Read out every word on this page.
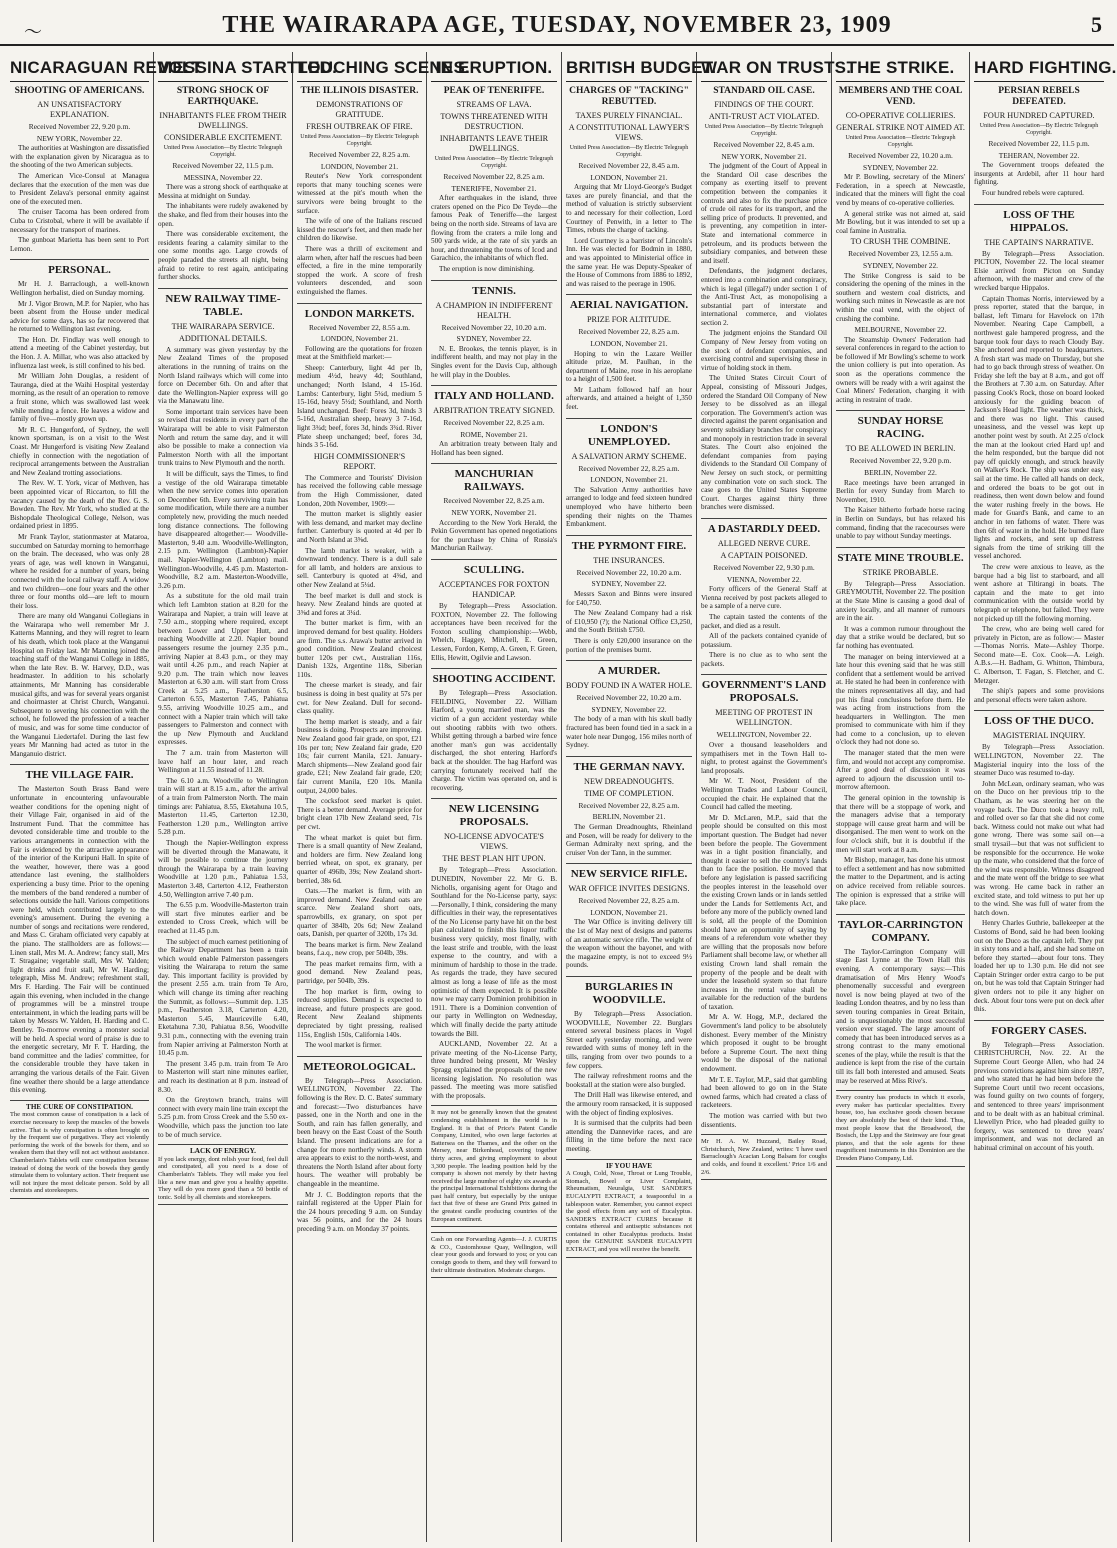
〜	THE WAIRARAPA AGE, TUESDAY, NOVEMBER 23, 1909	5
NICARAGUAN REVOLT
SHOOTING OF AMERICANS.
AN UNSATISFACTORY EXPLANATION.
Received November 22, 9.20 p.m.
NEW YORK, November 22.

The authorities at Washington are dissatisfied with the explanation given by Nicaragua as to the shooting of the two American subjects.

The American Vice-Consul at Managua declares that the execution of the men was due to President Zelava's personal enmity against one of the executed men.

The cruiser Tacoma has been ordered from Cuba to Cristobal, where it will be available if necessary for the transport of marines.

The gunboat Marietta has been sent to Port Lemon.

PERSONAL.

Mr H. J. Barraclough, a well-known Wellington herbalist, died on Sunday morning.

Mr J. Vigor Brown, M.P. for Napier, who has been absent from the House under medical advice for some days, has so far recovered that he returned to Wellington last evening.

The Hon. Dr. Findlay was well enough to attend a meeting of the Cabinet yesterday, but the Hon. J. A. Millar, who was also attacked by influenza last week, is still confined to his bed.

Mr William John Douglas, a resident of Tauranga, died at the Waihi Hospital yesterday morning, as the result of an operation to remove a fruit stone, which was swallowed last week while mending a fence. He leaves a widow and family of five—mostly grown up.

Mr R. C. Hungerford, of Sydney, the well known sportsman, is on a visit to the West Coast. Mr Hungerford is visiting New Zealand chiefly in connection with the negotiation of reciprocal arrangements between the Australian and New Zealand trotting associations.

The Rev. W. T. York, vicar of Methven, has been appointed vicar of Riccarton, to fill the vacancy caused by the death of the Rev. G. S. Bowden. The Rev. Mr York, who studied at the Bishopdale Theological College, Nelson, was ordained priest in 1895.

Mr Frank Taylor, stationmaster at Mataroa, succumbed on Saturday morning to hemorrhage on the brain. The deceased, who was only 28 years of age, was well known in Wanganui, where he resided for a number of years, being connected with the local railway staff. A widow and two children—one four years and the other three or four months old—are left to mourn their loss.

There are many old Wanganui Collegians in the Wairarapa who well remember Mr J. Katterns Manning, and they will regret to learn of his death, which took place at the Wanganui Hospital on Friday last. Mr Manning joined the teaching staff of the Wanganui College in 1885, when the late Rev. B. W. Harvey, D.D., was headmaster. In addition to his scholarly attainments, Mr Manning has considerable musical gifts, and was for several years organist and choirmaster at Christ Church, Wanganui. Subsequent to severing his connection with the school, he followed the profession of a teacher of music, and was for some time conductor of the Wanganui Liedertafel. During the last few years Mr Manning had acted as tutor in the Manganuio district.

THE VILLAGE FAIR.

The Masterton South Brass Band were unfortunate in encountering unfavourable weather conditions for the opening night of their Village Fair, organised in aid of the Instrument Fund. That the committee has devoted considerable time and trouble to the various arrangements in connection with the Fair is evidenced by the attractive appearance of the interior of the Kuripuni Hall. In spite of the weather, however, there was a good attendance last evening, the stallholders experiencing a busy time. Prior to the opening the members of the band rendered a number of selections outside the hall. Various competitions were held, which contributed largely to the evening's amusement. During the evening a number of songs and recitations were rendered, and Mass C. Graham officiated very capably at the piano. The stallholders are as follows:— Linen stall, Mrs M. A. Andrew; fancy stall, Mrs T. Stragaine; vegetable stall, Mrs W. Yalden; light drinks and fruit stall, Mr W. Harding; telegraph, Miss M. Andrew; refreshment stall, Mrs F. Harding. The Fair will be continued again this evening, when included in the change of programmes will be a minstrel troupe entertainment, in which the leading parts will be taken by Messrs W. Yalden, H. Harding and C. Bentley. To-morrow evening a monster social will be held. A special word of praise is due to the energetic secretary, Mr F. T. Harding, the band committee and the ladies' committee, for the considerable trouble they have taken in arranging the various details of the Fair. Given fine weather there should be a large attendance this evening.

THE CURE OF CONSTIPATION.
The most common cause of constipation is a lack of exercise necessary to keep the muscles of the bowels active. That is why constipation is often brought on by the frequent use of purgatives. They act violently performing the work of the bowels for them, and so weaken them that they will not act without assistance. Chamberlain's Tablets will cure constipation because instead of doing the work of the bowels they gently stimulate them to voluntary action. Their frequent use will not injure the most delicate person. Sold by all chemists and storekeepers.
MESSINA STARTLED.
STRONG SHOCK OF EARTHQUAKE.
INHABITANTS FLEE FROM THEIR DWELLINGS.
CONSIDERABLE EXCITEMENT.
United Press Association—By Electric Telegraph Copyright.
Received November 22, 11.5 p.m.
MESSINA, November 22.

There was a strong shock of earthquake at Messina at midnight on Sunday.

The inhabitants were rudely awakened by the shake, and fled from their houses into the open.

There was considerable excitement, the residents fearing a calamity similar to the one some months ago. Large crowds of people paraded the streets all night, being afraid to retire to rest again, anticipating further shocks.

NEW RAILWAY TIME-TABLE.
THE WAIRARAPA SERVICE.
ADDITIONAL DETAILS.

A summary was given yesterday by the New Zealand Times of the proposed alterations in the running of trains on the North Island railways which will come into force on December 6th. On and after that date the Wellington-Napier express will go via the Manawatu line.

Some important train services have been so revised that residents in every part of the Wairarapa will be able to visit Palmerston North and return the same day, and it will also be possible to make a connection via Palmerston North with all the important trunk trains to New Plymouth and the north.

It will be difficult, says the Times, to find a vestige of the old Wairarapa timetable when the new service comes into operation on December 6th. Every surviving train has some modification, while there are a number completely new, providing the much needed long distance connections. The following have disappeared altogether:— Woodville-Masterton, 9.40 a.m. Woodville-Wellington, 2.15 p.m. Wellington (Lambton)-Napier mail. Napier-Wellington (Lambton) mail. Wellington-Woodville, 4.45 p.m. Masterton-Woodville, 8.2 a.m. Masterton-Woodville, 3.26 p.m.

As a substitute for the old mail train which left Lambton station at 8.20 for the Wairarapa and Napier, a train will leave at 7.50 a.m., stopping where required, except between Lower and Upper Hutt, and reaching Woodville at 2.20. Napier bound passengers resume the journey 2.35 p.m., arriving Napier at 8.43 p.m., or they may wait until 4.26 p.m., and reach Napier at 9.20 p.m. The train which now leaves Masterton at 6.30 a.m. will start from Cross Creek at 5.25 a.m., Featherston 6.5, Carterton 6.55, Masterton 7.45, Pahiatua 9.55, arriving Woodville 10.25 a.m., and connect with a Napier train which will take passengers to Palmerston and connect with the up New Plymouth and Auckland expresses.

The 7 a.m. train from Masterton will leave half an hour later, and reach Wellington at 11.55 instead of 11.28.

The 6.10 a.m. Woodville to Wellington train will start at 8.15 a.m., after the arrival of a train from Palmerston North. The main timings are: Pahiatua, 8.55, Eketahuna 10.5, Masterton 11.45, Carterton 12.30, Featherston 1.20 p.m., Wellington arrive 5.28 p.m.

Though the Napier-Wellington express will be diverted through the Manawatu, it will be possible to continue the journey through the Wairarapa by a train leaving Woodville at 1.20 p.m., Pahiatua 1.53, Masterton 3.48, Carterton 4.12, Featherston 4.50, Wellington arrive 7.40 p.m.

The 6.55 p.m. Woodville-Masterton train will start five minutes earlier and be extended to Cross Creek, which will be reached at 11.45 p.m.

The subject of much earnest petitioning of the Railway Department has been a train which would enable Palmerston passengers visiting the Wairarapa to return the same day. This important facility is provided by the present 2.55 a.m. train from Te Aro, which will change its timing after reaching the Summit, as follows:—Summit dep. 1.35 p.m., Featherston 3.18, Carterton 4.20, Masterton 5.45, Mauriceville 6.40, Eketahuna 7.30, Pahiatua 8.56, Woodville 9.31 p.m., connecting with the evening train from Napier arriving at Palmerston North at 10.45 p.m.

The present 3.45 p.m. train from Te Aro to Masterton will start nine minutes earlier, and reach its destination at 8 p.m. instead of 8.30.

On the Greytown branch, trains will connect with every main line train except the 5.25 p.m. from Cross Creek and the 5.50 ex-Woodville, which pass the junction too late to be of much service.

LACK OF ENERGY.
If you lack energy, dont relish your food, feel dull and constipated, all you need is a dose of Chamberlain's Tablets. They will make you feel like a new man and give you a healthy appetite. They will do you more good than a 50 bottle of tonic. Sold by all chemists and storekeepers.
TOUCHING SCENES.
THE ILLINOIS DISASTER.
DEMONSTRATIONS OF GRATITUDE.
FRESH OUTBREAK OF FIRE.
United Press Association—By Electric Telegraph Copyright.
Received November 22, 8.25 a.m.
LONDON, November 21.

Reuter's New York correspondent reports that many touching scenes were witnessed at the pit's mouth when the survivors were being brought to the surface.

The wife of one of the Italians rescued kissed the rescuer's feet, and then made her children do likewise.

There was a thrill of excitement and alarm when, after half the rescues had been effected, a fire in the mine temporarily stopped the work. A score of fresh volunteers descended, and soon extinguished the flames.

LONDON MARKETS.
Received November 22, 8.55 a.m.
LONDON, November 21.

Following are the quotations for frozen meat at the Smithfield market:—

Sheep: Canterbury, light 4d per lb, medium 4½d, heavy 4d; Southland, unchanged; North Island, 4 15-16d. Lambs: Canterbury, light 5¾d, medium 5 15-16d, heavy 5½d; Southland, and North Island unchanged. Beef: Fores 3d, hinds 3 5-16d, Australian sheep, heavy 3 7-16d, light 3¾d; beef, fores 3d, hinds 3¾d. River Plate sheep unchanged; beef, fores 3d, hinds 3 5-16d.

HIGH COMMISSIONER'S REPORT.

The Commerce and Tourists' Division has received the following cable message from the High Commissioner, dated London, 20th November, 1909:—

The mutton market is slightly easier with less demand, and market may decline further. Canterbury is quoted at 4d per lb and North Island at 3⅝d.

The lamb market is weaker, with a downward tendency. There is a dull sale for all lamb, and holders are anxious to sell. Canterbury is quoted at 4⅜d, and other New Zealand at 5¼d.

The beef market is dull and stock is heavy. New Zealand hinds are quoted at 3⅝d and fores at 3¼d.

The butter market is firm, with an improved demand for best quality. Holders are firm. The s.s. Arawa's butter arrived in good condition. New Zealand choicest butter 120s per cwt., Australian 116s, Danish 132s, Argentine 118s, Siberian 110s.

The cheese market is steady, and fair business is doing in best quality at 57s per cwt. for New Zealand. Dull for second-class quality.

The hemp market is steady, and a fair business is doing. Prospects are improving. New Zealand good fair grade, on spot, £21 10s per ton; New Zealand fair grade, £20 10s; fair current Manila, £21. January-March shipments—New Zealand good fair grade, £21; New Zealand fair grade, £20; fair current Manila, £20 10s. Manila output, 24,000 bales.

The cocksfoot seed market is quiet. There is a better demand. Average price for bright clean 17lb New Zealand seed, 71s per cwt.

The wheat market is quiet but firm. There is a small quantity of New Zealand, and holders are firm. New Zealand long berried wheat, on spot, ex granary, per quarter of 496lb, 39s; New Zealand short-berried, 38s 6d.

Oats.—The market is firm, with an improved demand. New Zealand oats are scarce. New Zealand short oats, sparrowbills, ex granary, on spot per quarter of 384lb, 20s 6d; New Zealand oats, Danish, per quarter of 320lb, 17s 3d.

The beans market is firm. New Zealand beans, f.a.q., new crop, per 504lb, 39s.

The peas market remains firm, with a good demand. New Zealand peas, partridge, per 504lb, 39s.

The hop market is firm, owing to reduced supplies. Demand is expected to increase, and future prospects are good. Recent New Zealand shipments depreciated by tight pressing, realised 115s, English 150s, California 140s.

The wool market is firmer.

METEOROLOGICAL.

By Telegraph—Press Association. WELLINGTON, November 22. The following is the Rev. D. C. Bates' summary and forecast:—Two disturbances have passed, one in the North and one in the South, and rain has fallen generally, and been heavy on the East Coast of the South Island. The present indications are for a change for more northerly winds. A storm area appears to exist to the north-west, and threatens the North Island after about forty hours. The weather will probably be changeable in the meantime.

Mr J. C. Boddington reports that the rainfall registered at the Upper Plain for the 24 hours preceding 9 a.m. on Sunday was 56 points, and for the 24 hours preceding 9 a.m. on Monday 37 points.

IN ERUPTION.
PEAK OF TENERIFFE.
STREAMS OF LAVA.
TOWNS THREATENED WITH DESTRUCTION.
INHABITANTS LEAVE THEIR DWELLINGS.
United Press Association—By Electric Telegraph Copyright.
Received November 22, 8.25 a.m.
TENERIFFE, November 21.

After earthquakes in the island, three craters opened on the Pico De Teyde—the famous Peak of Teneriffe—the largest being on the north side. Streams of lava are flowing from the craters a mile long and 500 yards wide, at the rate of six yards an hour, and threatening the towns of Icod and Garachico, the inhabitants of which fled.

The eruption is now diminishing.

TENNIS.
A CHAMPION IN INDIFFERENT HEALTH.
Received November 22, 10.20 a.m.
SYDNEY, November 22.

N. E. Brookes, the tennis player, is in indifferent health, and may not play in the Singles event for the Davis Cup, although he will play in the Doubles.

ITALY AND HOLLAND.
ARBITRATION TREATY SIGNED.
Received November 22, 8.25 a.m.
ROME, November 21.

An arbitration treaty between Italy and Holland has been signed.

MANCHURIAN RAILWAYS.
Received November 22, 8.25 a.m.
NEW YORK, November 21.

According to the New York Herald, the Pekin Government has opened negotiations for the purchase by China of Russia's Manchurian Railway.

SCULLING.
ACCEPTANCES FOR FOXTON HANDICAP.

By Telegraph—Press Association. FOXTON, November 22. The following acceptances have been received for the Foxton sculling championship:—Webb, Whelch, Haggey, Mitchell, E. Green, Lessen, Fordon, Kemp, A. Green, F. Green, Ellis, Hewitt, Ogilvie and Lawson.

SHOOTING ACCIDENT.

By Telegraph—Press Association. FEILDING, November 22. William Harford, a young married man, was the victim of a gun accident yesterday while out shooting rabbits with two others. Whilst getting through a barbed wire fence another man's gun was accidentally discharged, the shot entering Harford's back at the shoulder. The hag Harford was carrying fortunately received half the charge. The victim was operated on, and is recovering.

NEW LICENSING PROPOSALS.
NO-LICENSE ADVOCATE'S VIEWS.
THE BEST PLAN HIT UPON.

By Telegraph—Press Association. DUNEDIN, November 22. Mr G. B. Nicholls, organising agent for Otago and Southland for the No-License party, says:—Personally, I think, considering the many difficulties in their way, the representatives of the No License party have hit on the best plan calculated to finish this liquor traffic business very quickly, most finally, with the least strife and trouble, with the least expense to the country, and with a minimum of hardship to those in the trade. As regards the trade, they have secured almost as long a lease of life as the most optimistic of them expected. It is possible now we may carry Dominion prohibition in 1911. There is a Dominion convention of our party in Wellington on Wednesday, which will finally decide the party attitude towards the Bill.

AUCKLAND, November 22. At a private meeting of the No-License Party, three hundred being present, Mr Wesley Spragg explained the proposals of the new licensing legislation. No resolution was passed. The meeting was more satisfied with the proposals.

It may not be generally known that the greatest condensing establishment in the world is in England. It is that of Price's Patent Candle Company, Limited, who own large factories at Battersea on the Thames, and the other on the Mersey, near Birkenhead, covering together thirty acres, and giving employment to about 3,300 people. The leading position held by the company is shown not merely by their having received the large number of eighty six awards at the principal International Exhibitions during the past half century, but especially by the unique fact that five of these are Grand Prix gained in the greatest candle producing countries of the European continent.
Cash on one Forwarding Agents—J. J. CURTIS & CO., Customhouse Quay, Wellington, will clear your goods and forward to you; or you can consign goods to them, and they will forward to their ultimate destination. Moderate charges.
BRITISH BUDGET.
CHARGES OF "TACKING" REBUTTED.
TAXES PURELY FINANCIAL.
A CONSTITUTIONAL LAWYER'S VIEWS.
United Press Association—By Electric Telegraph Copyright.
Received November 22, 8.45 a.m.
LONDON, November 21.

Arguing that Mr Lloyd-George's Budget taxes are purely financial, and that the method of valuation is strictly subservient to and necessary for their collection, Lord Courtney of Penwith, in a letter to The Times, rebuts the charge of tacking.

Lord Courtney is a barrister of Lincoln's Inn. He was elected for Bodmin in 1880, and was appointed to Ministerial office in the same year. He was Deputy-Speaker of the House of Commons from 1886 to 1892, and was raised to the peerage in 1906.

AERIAL NAVIGATION.
PRIZE FOR ALTITUDE.
Received November 22, 8.25 a.m.
LONDON, November 21.

Hoping to win the Lazare Weiller altitude prize, M. Paulhan, in the department of Maine, rose in his aeroplane to a height of 1,500 feet.

Mr Latham followed half an hour afterwards, and attained a height of 1,350 feet.

LONDON'S UNEMPLOYED.
A SALVATION ARMY SCHEME.
Received November 22, 8.25 a.m.
LONDON, November 21.

The Salvation Army authorities have arranged to lodge and feed sixteen hundred unemployed who have hitherto been spending their nights on the Thames Embankment.

THE PYRMONT FIRE.
THE INSURANCES.
Received November 22, 10.20 a.m.
SYDNEY, November 22.

Messrs Saxon and Binns were insured for £40,750.

The New Zealand Company had a risk of £10,950 (?); the National Office £3,250, and the South British £750.

There is only £20,000 insurance on the portion of the premises burnt.

A MURDER.
BODY FOUND IN A WATER HOLE.
Received November 22, 10.20 a.m.
SYDNEY, November 22.

The body of a man with his skull badly fractured has been found tied in a sack in a water hole near Dungog, 156 miles north of Sydney.

THE GERMAN NAVY.
NEW DREADNOUGHTS.
TIME OF COMPLETION.
Received November 22, 8.25 a.m.
BERLIN, November 21.

The German Dreadnoughts, Rheinland and Posen, will be ready for delivery to the German Admiralty next spring, and the cruiser Von der Tann, in the summer.

NEW SERVICE RIFLE.
WAR OFFICE INVITES DESIGNS.
Received November 22, 8.25 a.m.
LONDON, November 21.

The War Office is inviting delivery till the 1st of May next of designs and patterns of an automatic service rifle. The weight of the weapon without the bayonet, and with the magazine empty, is not to exceed 9½ pounds.

BURGLARIES IN WOODVILLE.

By Telegraph—Press Association. WOODVILLE, November 22. Burglars entered several business places in Vogel Street early yesterday morning, and were rewarded with sums of money left in the tills, ranging from over two pounds to a few coppers.

The railway refreshment rooms and the bookstall at the station were also burgled.

The Drill Hall was likewise entered, and the armoury room ransacked, it is supposed with the object of finding explosives.

It is surmised that the culprits had been attending the Dannevirke races, and are filling in the time before the next race meeting.

IF YOU HAVE
A Cough, Cold, Nose, Throat or Lung Trouble, Stomach, Bowel or Liver Complaint, Rheumatism, Neuralgia, USE SANDER'S EUCALYPTI EXTRACT, a teaspoonful in a tablespoon water. Remember, you cannot expect the good effects from any sort of Eucalyptus. SANDER'S EXTRACT CURES because it contains ethereal and antiseptic substances not contained in other Eucalyptus products. Insist upon the GENUINE SANDER EUCALYPTI EXTRACT, and you will receive the benefit.
WAR ON TRUSTS.
STANDARD OIL CASE.
FINDINGS OF THE COURT.
ANTI-TRUST ACT VIOLATED.
United Press Association—By Electric Telegraph Copyright.
Received November 22, 8.45 a.m.
NEW YORK, November 21.

The judgment of the Court of Appeal in the Standard Oil case describes the company as exerting itself to prevent competition between the companies it controls and also to fix the purchase price of crude oil rates for its transport, and the selling price of products. It prevented, and is preventing, any competition in inter-State and international commerce in petroleum, and its products between the subsidiary companies, and between these and itself.

Defendants, the judgment declares, entered into a combination and conspiracy, which is legal (illegal?) under section 1 of the Anti-Trust Act, as monopolising a substantial part of interstate and international commerce, and violates section 2.

The judgment enjoins the Standard Oil Company of New Jersey from voting on the stock of defendant companies, and exercising control and supervising these in virtue of holding stock in them.

The United States Circuit Court of Appeal, consisting of Missouri Judges, ordered the Standard Oil Company of New Jersey to be dissolved as an illegal corporation. The Government's action was directed against the parent organisation and seventy subsidiary branches for conspiracy and monopoly in restriction trade in several States. The Court also enjoined the defendant companies from paying dividends to the Standard Oil Company of New Jersey on such stock, or permitting any combination vote on such stock. The case goes to the United States Supreme Court. Charges against thirty three branches were dismissed.

A DASTARDLY DEED.
ALLEGED NERVE CURE.
A CAPTAIN POISONED.
Received November 22, 9.30 p.m.
VIENNA, November 22.

Forty officers of the General Staff at Vienna received by post packets alleged to be a sample of a nerve cure.

The captain tasted the contents of the packet, and died as a result.

All of the packets contained cyanide of potassium.

There is no clue as to who sent the packets.

GOVERNMENT'S LAND PROPOSALS.
MEETING OF PROTEST IN WELLINGTON.
WELLINGTON, November 22.

Over a thousand leaseholders and sympathisers met in the Town Hall to-night, to protest against the Government's land proposals.

Mr W. T. Noot, President of the Wellington Trades and Labour Council, occupied the chair. He explained that the Council had called the meeting.

Mr D. McLaren, M.P., said that the people should be consulted on this most important question. The Budget had never been before the people. The Government was in a tight position financially, and thought it easier to sell the country's lands than to face the position. He moved that before any legislation is passed sacrificing the peoples interest in the leasehold over the existing Crown lands or in lands settled under the Lands for Settlements Act, and before any more of the publicly owned land is sold, all the people of the Dominion should have an opportunity of saying by means of a referendum vote whether they are willing that the proposals now before Parliament shall become law, or whether all existing Crown land shall remain the property of the people and be dealt with under the leasehold system so that future increases in the rental value shall be available for the reduction of the burdens of taxation.

Mr A. W. Hogg, M.P., declared the Government's land policy to be absolutely dishonest. Every member of the Ministry which proposed it ought to be brought before a Supreme Court. The next thing would be the disposal of the national endowment.

Mr T. E. Taylor, M.P., said that gambling had been allowed to go on in the State owned farms, which had created a class of racketeers.

The motion was carried with but two dissentients.

Mr H. A. W. Huzzand, Bailey Road, Christchurch, New Zealand, writes: 'I have used Barraclough's Acacian Long Balsam for coughs and colds, and found it excellent.' Price 1/6 and 2/6.
THE STRIKE.
MEMBERS AND THE COAL VEND.
CO-OPERATIVE COLLIERIES.
GENERAL STRIKE NOT AIMED AT.
United Press Association—Electric Telegraph Copyright.
Received November 22, 10.20 a.m.
SYDNEY, November 22.

Mr P. Bowling, secretary of the Miners' Federation, in a speech at Newcastle, indicated that the miners will fight the coal vend by means of co-operative collieries.

A general strike was not aimed at, said Mr Bowling, but it was intended to set up a coal famine in Australia.

TO CRUSH THE COMBINE.
Received November 23, 12.55 a.m.
SYDNEY, November 22.

The Strike Congress is said to be considering the opening of the mines in the southern and western coal districts, and working such mines in Newcastle as are not within the coal vend, with the object of crushing the combine.

MELBOURNE, November 22.

The Steamship Owners' Federation had several conferences in regard to the action to be followed if Mr Bowling's scheme to work the union colliery is put into operation. As soon as the operations commence the owners will be ready with a writ against the Coal Miners' Federation, charging it with acting in restraint of trade.

SUNDAY HORSE RACING.
TO BE ALLOWED IN BERLIN.
Received November 22, 9.20 p.m.
BERLIN, November 22.

Race meetings have been arranged in Berlin for every Sunday from March to November, 1910.

The Kaiser hitherto forbade horse racing in Berlin on Sundays, but has relaxed his command, finding that the racecourses were unable to pay without Sunday meetings.

STATE MINE TROUBLE.
STRIKE PROBABLE.

By Telegraph—Press Association. GREYMOUTH, November 22. The position at the State Mine is causing a good deal of anxiety locally, and all manner of rumours are in the air.

It was a common rumour throughout the day that a strike would be declared, but so far nothing has eventuated.

The manager on being interviewed at a late hour this evening said that he was still confident that a settlement would be arrived at. He stated he had been in conference with the miners representatives all day, and had put his final conclusions before them. He was acting from instructions from the headquarters in Wellington. The men promised to communicate with him if they had come to a conclusion, up to eleven o'clock they had not done so.

The manager stated that the men were firm, and would not accept any compromise. After a good deal of discussion it was agreed to adjourn the discussion until to-morrow afternoon.

The general opinion in the township is that there will be a stoppage of work, and the managers advise that a temporary stoppage will cause great harm and will be disorganised. The men went to work on the four o'clock shift, but it is doubtful if the men will start work at 8 a.m.

Mr Bishop, manager, has done his utmost to effect a settlement and has now submitted the matter to the Department, and is acting on advice received from reliable sources. The opinion is expressed that a strike will take place.

TAYLOR-CARRINGTON COMPANY.

The Taylor-Carrington Company will stage East Lynne at the Town Hall this evening. A contemporary says:—This dramatisation of Mrs Henry Wood's phenomenally successful and evergreen novel is now being played at two of the leading London theatres, and by no less than seven touring companies in Great Britain, and is unquestionably the most successful version ever staged. The large amount of comedy that has been introduced serves as a strong contrast to the many emotional scenes of the play, while the result is that the audience is kept from the rise of the curtain till its fall both interested and amused. Seats may be reserved at Miss Rive's.

Every country has products in which it excels, every maker has particular specialities. Every house, too, has exclusive goods chosen because they are absolutely the best of their kind. Thus, most people know that the Broadwood, the Bosisch, the Lipp and the Steinway are four great pianos, and that the sole agents for these magnificent instruments in this Dominion are the Dresden Piano Company, Ltd.
HARD FIGHTING.
PERSIAN REBELS DEFEATED.
FOUR HUNDRED CAPTURED.
United Press Association—By Electric Telegraph Copyright.
Received November 22, 11.5 p.m.
TEHERAN, November 22.

The Government troops defeated the insurgents at Ardebil, after 11 hour hard fighting.

Four hundred rebels were captured.

LOSS OF THE HIPPALOS.
THE CAPTAIN'S NARRATIVE.

By Telegraph—Press Association. PICTON, November 22. The local steamer Elsie arrived from Picton on Sunday afternoon, with the master and crew of the wrecked barque Hippalos.

Captain Thomas Norris, interviewed by a press reporter, stated that the barque, in ballast, left Timaru for Havelock on 17th November. Nearing Cape Campbell, a northwest gale hampered progress, and the barque took four days to reach Cloudy Bay. She anchored and reported to headquarters. A fresh start was made on Thursday, but she had to go back through stress of weather. On Friday she left the bay at 8 a.m., and got off the Brothers at 7.30 a.m. on Saturday. After passing Cook's Rock, those on board looked anxiously for the guiding beacon of Jackson's Head light. The weather was thick, and there was no light. This caused uneasiness, and the vessel was kept up another point west by south. At 2.25 o'clock the man at the lookout cried Hard up! and the helm responded, but the barque did not pay off quickly enough, and struck heavily on Walker's Rock. The ship was under easy sail at the time. He called all hands on deck, and ordered the boats to be got out in readiness, then went down below and found the water rushing freely in the bows. He made for Guard's Bank, and came to an anchor in ten fathoms of water. There was then 6ft of water in the hold. He burned flare lights and rockets, and sent up distress signals from the time of striking till the vessel anchored.

The crew were anxious to leave, as the barque had a big list to starboard, and all went ashore at Tiltirangi in boats. The captain and the mate to get into communication with the outside world by telegraph or telephone, but failed. They were not picked up till the following morning.

The crew, who are being well cared for privately in Picton, are as follow:— Master—Thomas Norris. Mate—Ashley Thorpe. Second mate—E. Cox. Cook—A. Leigh. A.B.s.—H. Badham, G. Whitton, Thimbura, C. Albertson, T. Fagan, S. Fletcher, and C. Metzger.

The ship's papers and some provisions and personal effects were taken ashore.

LOSS OF THE DUCO.
MAGISTERIAL INQUIRY.

By Telegraph—Press Association. WELLINGTON, November 22. The Magisterial inquiry into the loss of the steamer Duco was resumed to-day.

John McLean, ordinary seaman, who was on the Duco on her previous trip to the Chatham, as he was steering her on the voyage back. The Duco took a heavy roll, and rolled over so far that she did not come back. Witness could not make out what had gone wrong. There was some sail on—a small trysail—but that was not sufficient to be responsible for the occurrence. He woke up the mate, who considered that the force of the wind was responsible. Witness disagreed and the mate went off the bridge to see what was wrong. He came back in rather an excited state, and told witness to put her up to the wind. She was full of water from the hatch down.

Henry Charles Guthrie, ballekeeper at the Customs of Bond, said he had been looking out on the Duco as the captain left. They put in sixty tons and a half, and she had some on before they started—about four tons. They loaded her up to 1.30 p.m. He did not see Captain Stringer order extra cargo to be put on, but he was told that Captain Stringer had given orders not to pile it any higher on deck. About four tons were put on deck after this.

FORGERY CASES.

By Telegraph—Press Association. CHRISTCHURCH, Nov. 22. At the Supreme Court George Allen, who had 24 previous convictions against him since 1897, and who stated that he had been before the Supreme Court until two recent occasions, was found guilty on two counts of forgery, and sentenced to three years' imprisonment and to be dealt with as an habitual criminal. Llewellyn Price, who had pleaded guilty to forgery, was sentenced to three years' imprisonment, and was not declared an habitual criminal on account of his youth.
